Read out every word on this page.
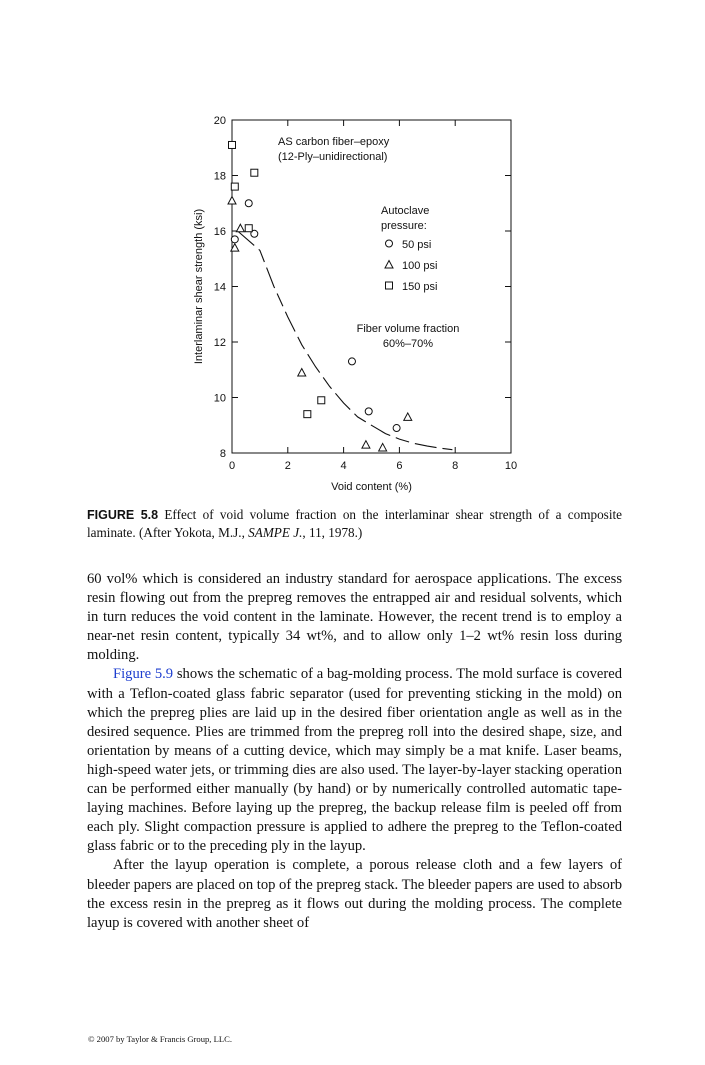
0	2	4	6	8	10
8
10
12
14
16
18
20
Void content (%)
Interlaminar shear strength (ksi)
AS carbon fiber–epoxy
(12-Ply–unidirectional)
Autoclave
pressure:
50 psi
100 psi
150 psi
Fiber volume fraction
60%–70%
FIGURE 5.8 Effect of void volume fraction on the interlaminar shear strength of a composite laminate. (After Yokota, M.J., SAMPE J., 11, 1978.)

60 vol% which is considered an industry standard for aerospace applications. The excess resin flowing out from the prepreg removes the entrapped air and residual solvents, which in turn reduces the void content in the laminate. However, the recent trend is to employ a near-net resin content, typically 34 wt%, and to allow only 1–2 wt% resin loss during molding.

Figure 5.9 shows the schematic of a bag-molding process. The mold surface is covered with a Teflon-coated glass fabric separator (used for preventing sticking in the mold) on which the prepreg plies are laid up in the desired fiber orientation angle as well as in the desired sequence. Plies are trimmed from the prepreg roll into the desired shape, size, and orientation by means of a cutting device, which may simply be a mat knife. Laser beams, high-speed water jets, or trimming dies are also used. The layer-by-layer stacking operation can be performed either manually (by hand) or by numerically controlled automatic tape-laying machines. Before laying up the prepreg, the backup release film is peeled off from each ply. Slight compaction pressure is applied to adhere the prepreg to the Teflon-coated glass fabric or to the preceding ply in the layup.

After the layup operation is complete, a porous release cloth and a few layers of bleeder papers are placed on top of the prepreg stack. The bleeder papers are used to absorb the excess resin in the prepreg as it flows out during the molding process. The complete layup is covered with another sheet of

© 2007 by Taylor & Francis Group, LLC.
